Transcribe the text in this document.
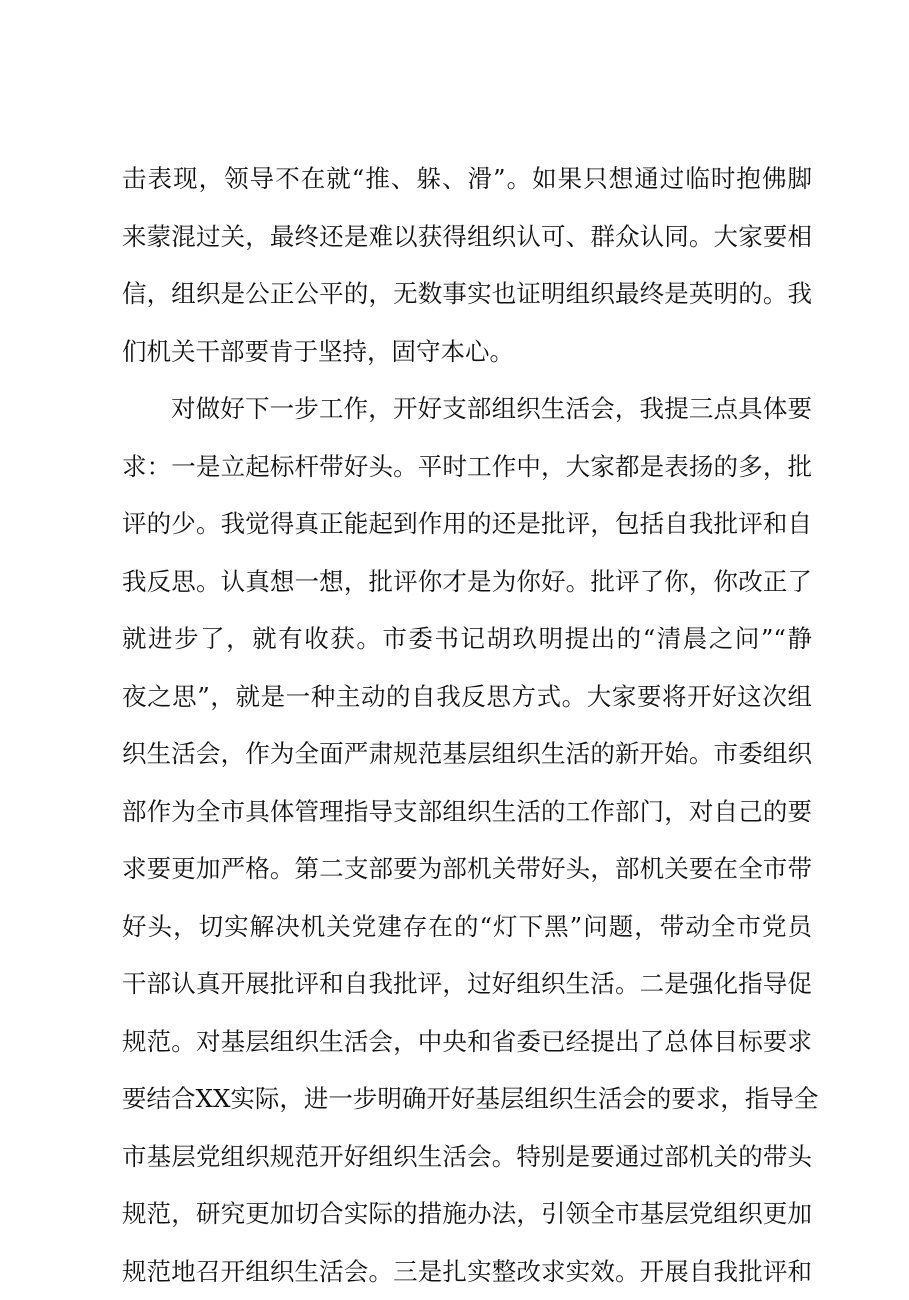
击表现，领导不在就“推、躲、滑”。如果只想通过临时抱佛脚
来蒙混过关，最终还是难以获得组织认可、群众认同。大家要相
信，组织是公正公平的，无数事实也证明组织最终是英明的。我
们机关干部要肯于坚持，固守本心。
对做好下一步工作，开好支部组织生活会，我提三点具体要
求：一是立起标杆带好头。平时工作中，大家都是表扬的多，批
评的少。我觉得真正能起到作用的还是批评，包括自我批评和自
我反思。认真想一想，批评你才是为你好。批评了你，你改正了
就进步了，就有收获。市委书记胡玖明提出的“清晨之问”“静
夜之思”，就是一种主动的自我反思方式。大家要将开好这次组
织生活会，作为全面严肃规范基层组织生活的新开始。市委组织
部作为全市具体管理指导支部组织生活的工作部门，对自己的要
求要更加严格。第二支部要为部机关带好头，部机关要在全市带
好头，切实解决机关党建存在的“灯下黑”问题，带动全市党员
干部认真开展批评和自我批评，过好组织生活。二是强化指导促
规范。对基层组织生活会，中央和省委已经提出了总体目标要求
要结合XX实际，进一步明确开好基层组织生活会的要求，指导全
市基层党组织规范开好组织生活会。特别是要通过部机关的带头
规范，研究更加切合实际的措施办法，引领全市基层党组织更加
规范地召开组织生活会。三是扎实整改求实效。开展自我批评和
